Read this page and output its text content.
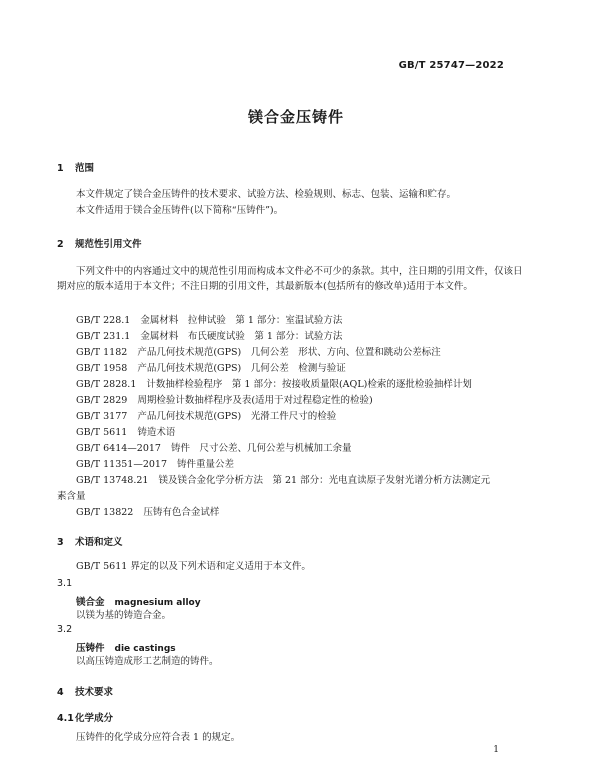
GB/T 25747—2022
镁合金压铸件
1 范围
本文件规定了镁合金压铸件的技术要求、试验方法、检验规则、标志、包装、运输和贮存。
本文件适用于镁合金压铸件(以下简称“压铸件”)。
2 规范性引用文件
下列文件中的内容通过文中的规范性引用而构成本文件必不可少的条款。其中，注日期的引用文件，仅该日期对应的版本适用于本文件；不注日期的引用文件，其最新版本(包括所有的修改单)适用于本文件。
GB/T 228.1 金属材料　拉伸试验　第 1 部分：室温试验方法
GB/T 231.1 金属材料　布氏硬度试验　第 1 部分：试验方法
GB/T 1182 产品几何技术规范(GPS)　几何公差　形状、方向、位置和跳动公差标注
GB/T 1958 产品几何技术规范(GPS)　几何公差　检测与验证
GB/T 2828.1 计数抽样检验程序　第 1 部分：按接收质量限(AQL)检索的逐批检验抽样计划
GB/T 2829 周期检验计数抽样程序及表(适用于对过程稳定性的检验)
GB/T 3177 产品几何技术规范(GPS)　光滑工件尺寸的检验
GB/T 5611 铸造术语
GB/T 6414—2017 铸件　尺寸公差、几何公差与机械加工余量
GB/T 11351—2017 铸件重量公差
GB/T 13748.21 镁及镁合金化学分析方法　第 21 部分：光电直读原子发射光谱分析方法测定元
素含量
GB/T 13822 压铸有色合金试样
3 术语和定义
GB/T 5611 界定的以及下列术语和定义适用于本文件。
3.1
镁合金 magnesium alloy
以镁为基的铸造合金。
3.2
压铸件 die castings
以高压铸造成形工艺制造的铸件。
4 技术要求
4.1化学成分
压铸件的化学成分应符合表 1 的规定。
1
